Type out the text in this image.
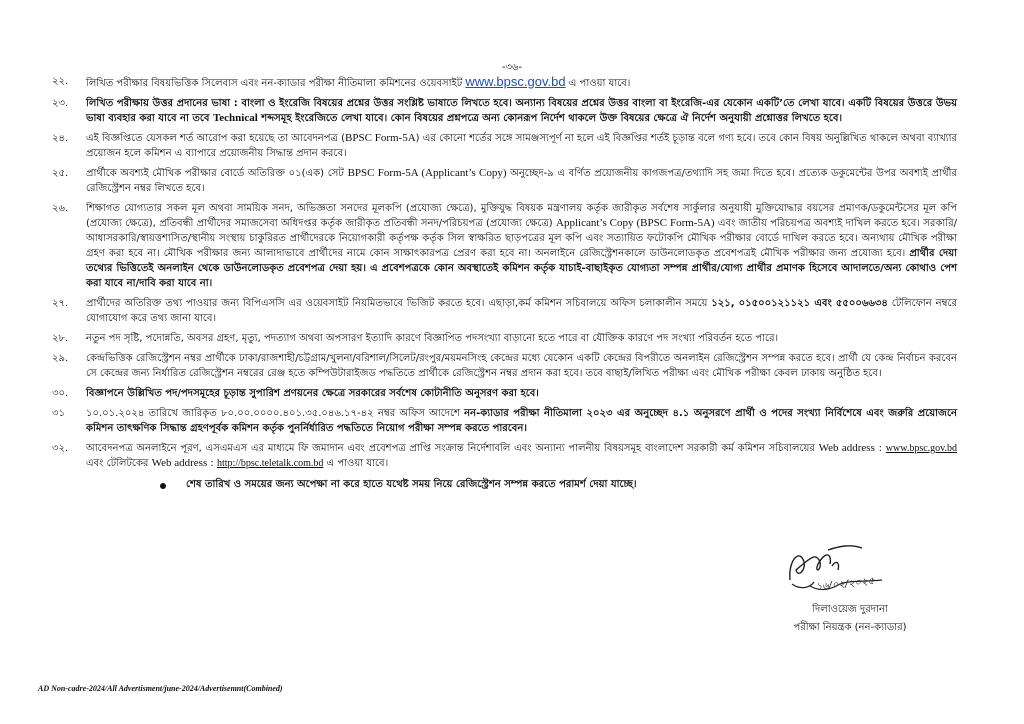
-৩৬-
২২.	লিখিত পরীক্ষার বিষয়ভিত্তিক সিলেবাস এবং নন-ক্যাডার পরীক্ষা নীতিমালা কমিশনের ওয়েবসাইট www.bpsc.gov.bd এ পাওয়া যাবে।
২৩.	লিখিত পরীক্ষায় উত্তর প্রদানের ভাষা : বাংলা ও ইংরেজি বিষয়ের প্রশ্নের উত্তর সংশ্লিষ্ট ভাষাতে লিখতে হবে। অন্যান্য বিষয়ের প্রশ্নের উত্তর বাংলা বা ইংরেজি-এর যেকোন একটি’তে লেখা যাবে। একটি বিষয়ের উত্তরে উভয় ভাষা ব্যবহার করা যাবে না তবে Technical শব্দসমূহ ইংরেজিতে লেখা যাবে। কোন বিষয়ের প্রশ্নপত্রে অন্য কোনরূপ নির্দেশ থাকলে উক্ত বিষয়ের ক্ষেত্রে ঐ নির্দেশ অনুযায়ী প্রশ্নোত্তর লিখতে হবে।
২৪.	এই বিজ্ঞপ্তিতে যেসকল শর্ত আরোপ করা হয়েছে তা আবেদনপত্র (BPSC Form-5A) এর কোনো শর্তের সঙ্গে সামঞ্জস্যপূর্ণ না হলে এই বিজ্ঞপ্তির শর্তই চূড়ান্ত বলে গণ্য হবে। তবে কোন বিষয় অনুল্লিখিত থাকলে অথবা ব্যাখ্যার প্রয়োজন হলে কমিশন এ ব্যাপারে প্রয়োজনীয় সিদ্ধান্ত প্রদান করবে।
২৫.	প্রার্থীকে অবশ্যই মৌখিক পরীক্ষার বোর্ডে অতিরিক্ত ০১(এক) সেট BPSC Form-5A (Applicant’s Copy) অনুচ্ছেদ-৯ এ বর্ণিত প্রয়োজনীয় কাগজপত্র/তথ্যাদি সহ জমা দিতে হবে। প্রত্যেক ডকুমেন্টের উপর অবশ্যই প্রার্থীর রেজিস্ট্রেশন নম্বর লিখতে হবে।
২৬.	শিক্ষাগত যোগ্যতার সকল মূল অথবা সাময়িক সনদ, অভিজ্ঞতা সনদের মূলকপি (প্রযোজ্য ক্ষেত্রে), মুক্তিযুদ্ধ বিষয়ক মন্ত্রণালয় কর্তৃক জারীকৃত সর্বশেষ সার্কুলার অনুযায়ী মুক্তিযোদ্ধার বয়সের প্রমাণক/ডকুমেন্টসের মূল কপি (প্রযোজ্য ক্ষেত্রে), প্রতিবন্ধী প্রার্থীদের সমাজসেবা অধিদপ্তর কর্তৃক জারীকৃত প্রতিবন্ধী সনদ/পরিচয়পত্র (প্রযোজ্য ক্ষেত্রে) Applicant’s Copy (BPSC Form-5A) এবং জাতীয় পরিচয়পত্র অবশ্যই দাখিল করতে হবে। সরকারি/ আধাসরকারি/স্বায়ত্তশাসিত/স্থানীয় সংস্থায় চাকুরিরত প্রার্থীদেরকে নিয়োগকারী কর্তৃপক্ষ কর্তৃক সিল স্বাক্ষরিত ছাড়পত্রের মূল কপি এবং সত্যায়িত ফটোকপি মৌখিক পরীক্ষার বোর্ডে দাখিল করতে হবে। অন্যথায় মৌখিক পরীক্ষা গ্রহণ করা হবে না। মৌখিক পরীক্ষার জন্য আলাদাভাবে প্রার্থীদের নামে কোন সাক্ষাৎকারপত্র প্রেরণ করা হবে না। অনলাইনে রেজিস্ট্রেশনকালে ডাউনলোডকৃত প্রবেশপত্রই মৌখিক পরীক্ষার জন্য প্রযোজ্য হবে। প্রার্থীর দেয়া তথ্যের ভিত্তিতেই অনলাইন থেকে ডাউনলোডকৃত প্রবেশপত্র দেয়া হয়। এ প্রবেশপত্রকে কোন অবস্থাতেই কমিশন কর্তৃক যাচাই-বাছাইকৃত যোগ্যতা সম্পন্ন প্রার্থীর/যোগ্য প্রার্থীর প্রমাণক হিসেবে আদালতে/অন্য কোথাও পেশ করা যাবে না/দাবি করা যাবে না।
২৭.	প্রার্থীদের অতিরিক্ত তথ্য পাওয়ার জন্য বিপিএসসি এর ওয়েবসাইট নিয়মিতভাবে ভিজিট করতে হবে। এছাড়া,কর্ম কমিশন সচিবালয়ে অফিস চলাকালীন সময়ে ১২১, ০১৫০০১২১১২১ এবং ৫৫০০৬৬৩৪ টেলিফোন নম্বরে যোগাযোগ করে তথ্য জানা যাবে।
২৮.	নতুন পদ সৃষ্টি, পদোন্নতি, অবসর গ্রহণ, মৃত্যু, পদত্যাগ অথবা অপসারণ ইত্যাদি কারণে বিজ্ঞাপিত পদসংখ্যা বাড়ানো হতে পারে বা যৌক্তিক কারণে পদ সংখ্যা পরিবর্তন হতে পারে।
২৯.	কেন্দ্রভিত্তিক রেজিস্ট্রেশন নম্বর প্রার্থীকে ঢাকা/রাজশাহী/চট্টগ্রাম/খুলনা/বরিশাল/সিলেট/রংপুর/ময়মনসিংহ কেন্দ্রের মধ্যে যেকোন একটি কেন্দ্রের বিপরীতে অনলাইন রেজিস্ট্রেশন সম্পন্ন করতে হবে। প্রার্থী যে কেন্দ্র নির্বাচন করবেন সে কেন্দ্রের জন্য নির্ধারিত রেজিস্ট্রেশন নম্বরের রেঞ্জ হতে কম্পিউটারাইজড পদ্ধতিতে প্রার্থীকে রেজিস্ট্রেশন নম্বর প্রদান করা হবে। তবে বাছাই/লিখিত পরীক্ষা এবং মৌখিক পরীক্ষা কেবল ঢাকায় অনুষ্ঠিত হবে।
৩০.	বিজ্ঞাপনে উল্লিখিত পদ/পদসমূহের চূড়ান্ত সুপারিশ প্রণয়নের ক্ষেত্রে সরকারের সর্বশেষ কোটানীতি অনুসরণ করা হবে।
৩১	১০.০১.২০২৪ তারিখে জারিকৃত ৮০.০০.০০০০.৪০১.৩৫.০৪৬.১৭-৪২ নম্বর অফিস আদেশে নন-ক্যাডার পরীক্ষা নীতিমালা ২০২৩ এর অনুচ্ছেদ ৪.১ অনুসরণে প্রার্থী ও পদের সংখ্যা নির্বিশেষে এবং জরুরি প্রয়োজনে কমিশন তাৎক্ষণিক সিদ্ধান্ত গ্রহণপূর্বক কমিশন কর্তৃক পুনর্নির্ধারিত পদ্ধতিতে নিয়োগ পরীক্ষা সম্পন্ন করতে পারবেন।
৩২.	আবেদনপত্র অনলাইনে পূরণ, এসএমএস এর মাধ্যমে ফি জমাদান এবং প্রবেশপত্র প্রাপ্তি সংক্রান্ত নির্দেশাবলি এবং অন্যান্য পালনীয় বিষয়সমূহ বাংলাদেশ সরকারী কর্ম কমিশন সচিবালয়ের Web address : www.bpsc.gov.bd এবং টেলিটকের Web address : http://bpsc.teletalk.com.bd এ পাওয়া যাবে।
শেষ তারিখ ও সময়ের জন্য অপেক্ষা না করে হাতে যথেষ্ট সময় নিয়ে রেজিস্ট্রেশন সম্পন্ন করতে পরামর্শ দেয়া যাচ্ছে।
১৬/০২/২০২৫
দিলাওয়েজ দুরদানা
পরীক্ষা নিয়ন্ত্রক (নন-ক্যাডার)
AD Non-cadre-2024/All Advertisment/june-2024/Advertisemnt(Combined)
